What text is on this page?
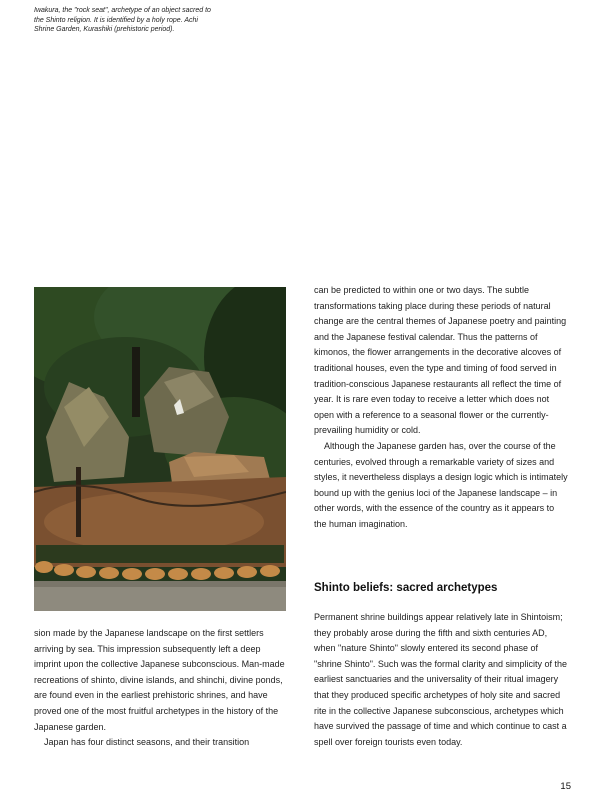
Iwakura, the "rock seat", archetype of an object sacred to the Shinto religion. It is identified by a holy rope. Achi Shrine Garden, Kurashiki (prehistoric period).

sion made by the Japanese landscape on the first settlers arriving by sea. This impression subsequently left a deep imprint upon the collective Japanese subconscious. Man-made recreations of shinto, divine islands, and shinchi, divine ponds, are found even in the earliest prehistoric shrines, and have proved one of the most fruitful archetypes in the history of the Japanese garden.

Japan has four distinct seasons, and their transition

can be predicted to within one or two days. The subtle transformations taking place during these periods of natural change are the central themes of Japanese poetry and painting and the Japanese festival calendar. Thus the patterns of kimonos, the flower arrangements in the decorative alcoves of traditional houses, even the type and timing of food served in tradition-conscious Japanese restaurants all reflect the time of year. It is rare even today to receive a letter which does not open with a reference to a seasonal flower or the currently-prevailing humidity or cold.

Although the Japanese garden has, over the course of the centuries, evolved through a remarkable variety of sizes and styles, it nevertheless displays a design logic which is intimately bound up with the genius loci of the Japanese landscape – in other words, with the essence of the country as it appears to the human imagination.

Shinto beliefs: sacred archetypes

Permanent shrine buildings appear relatively late in Shintoism; they probably arose during the fifth and sixth centuries AD, when "nature Shinto" slowly entered its second phase of "shrine Shinto". Such was the formal clarity and simplicity of the earliest sanctuaries and the universality of their ritual imagery that they produced specific archetypes of holy site and sacred rite in the collective Japanese subconscious, archetypes which have survived the passage of time and which continue to cast a spell over foreign tourists even today.

15
